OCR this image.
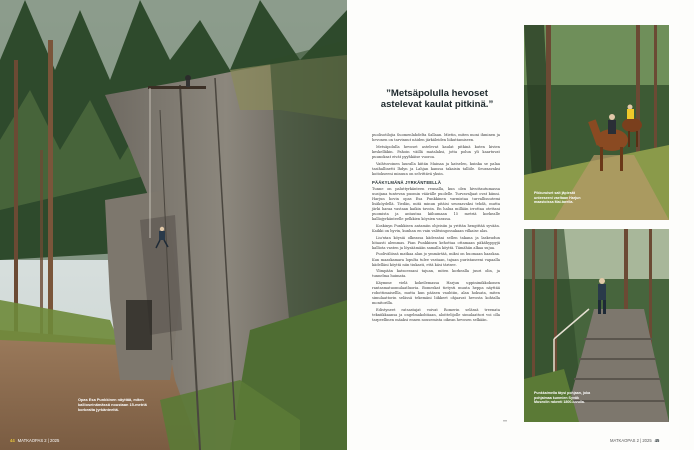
Opas Esa Punkkinen näyttää, miten kallioseinämässä noustaan 15-metriä korkealta jyrkänteeltä.
44 MATKAOPAS 2 | 2025
”Metsäpolulla hevoset astelevat kaulat pitkinä.”

puolisotilojia Suomenlahdelta Sallaan. Mietin, miten moni ihminen ja hevonen on tarvinnut näiden järkäleiden liikuttamiseen.

Metsäpolulla hevoset astelevat kaulat pitkinä kuten kivien keskelläkin. Pahoin väillä matalaksi, jotta polun yli kaartuvat puunoksat eivät pyyhkäise vuoroa.

Vaihtuvoinen lauralla kiitän Mainaa ja katselen, kuinka se palaa tasihallinetti lhdyn ja Lahjan kanssa takaisin talliile. Seuraavaksi koitokseeni minuun on selvittävä yksin.

PÄÄKYLMÄNÄ JYRKÄNTEELLÄ

Tunne on paluttyrkänteen reunalla, kun olen hivuttautumassa uusijana tuntevan puomin väärälle puolelle. Turvavaljaat ovat kiinni. Harjun hovin opas Esa Punkkinen varmistaa turvallisuutemi lisäköydellä. Tiedän, mitä minun pitäisi seuraavaksi tehdä, mutta järki haraa vastaan kaikin tavoin. En halua millään irrottaa otettani puomista ja antautua kiihumaan 15 metriä korkealle kalliojyrkänteelle pelkkien köysien varassa.

Koskinyn Punkkisen antamiin ohjeisiin ja yrittän hengittää syvään. Kaikki on hyvin, kunhan en vain valitsingossakaan vilkaise alas.

Liu'xtan köysiä olkeassa kädessäni sellen takana ja laskeudun hitaasti alemmas. Pian Punkkinen kehottaa ottamaan päkähyppyjä kalliota vasten ja löysäämään samalla köyttä. Tämähän alkaa sujua.

Puoliväliissä matkaa alan jo ymmärtää, miksi on huomaan haaskaa. Kun maaskamara lopulta tulee vastaan, tajuan puristaneeni vapaalla kädelläni köyttä niin tiukasti, että käsi tärisee.

Ylimpään katsoessani tajuan, miten korkealla juuri olin, ja tunnelma huimata.

Käymme vielä kokeilemassa Harjun uppinimikkokonen rantasmatuomulaatluoria. Bomeskat tietysti muuta heppa näyttää robottimaisellla, mutta kun pääsen vauhtiin, alan hoksata, miten simulaattorin selässä tekemäni liikkeet ohjaavat hevosta kohtalla monitorilla.

Edistyneet ratsastajat voivat Romerin selässä treenata tekniikkaansa ja ongelmakohtiaan, aloittelijolle simulaattori voi olla tarpeellinen mäaksi ennen nousemista oikean hevosen selkään.

»»
Pikkuruiset sait jäpiesät unteeseeni vaeltaan Harjun maastoissa Mai-tarella.
Punkkaimella täysi pohjaan, joka pohjaimaa kunmien Syväk Museolin rakenti 1800-luvulla.
MATKAOPAS 2 | 2025 45
